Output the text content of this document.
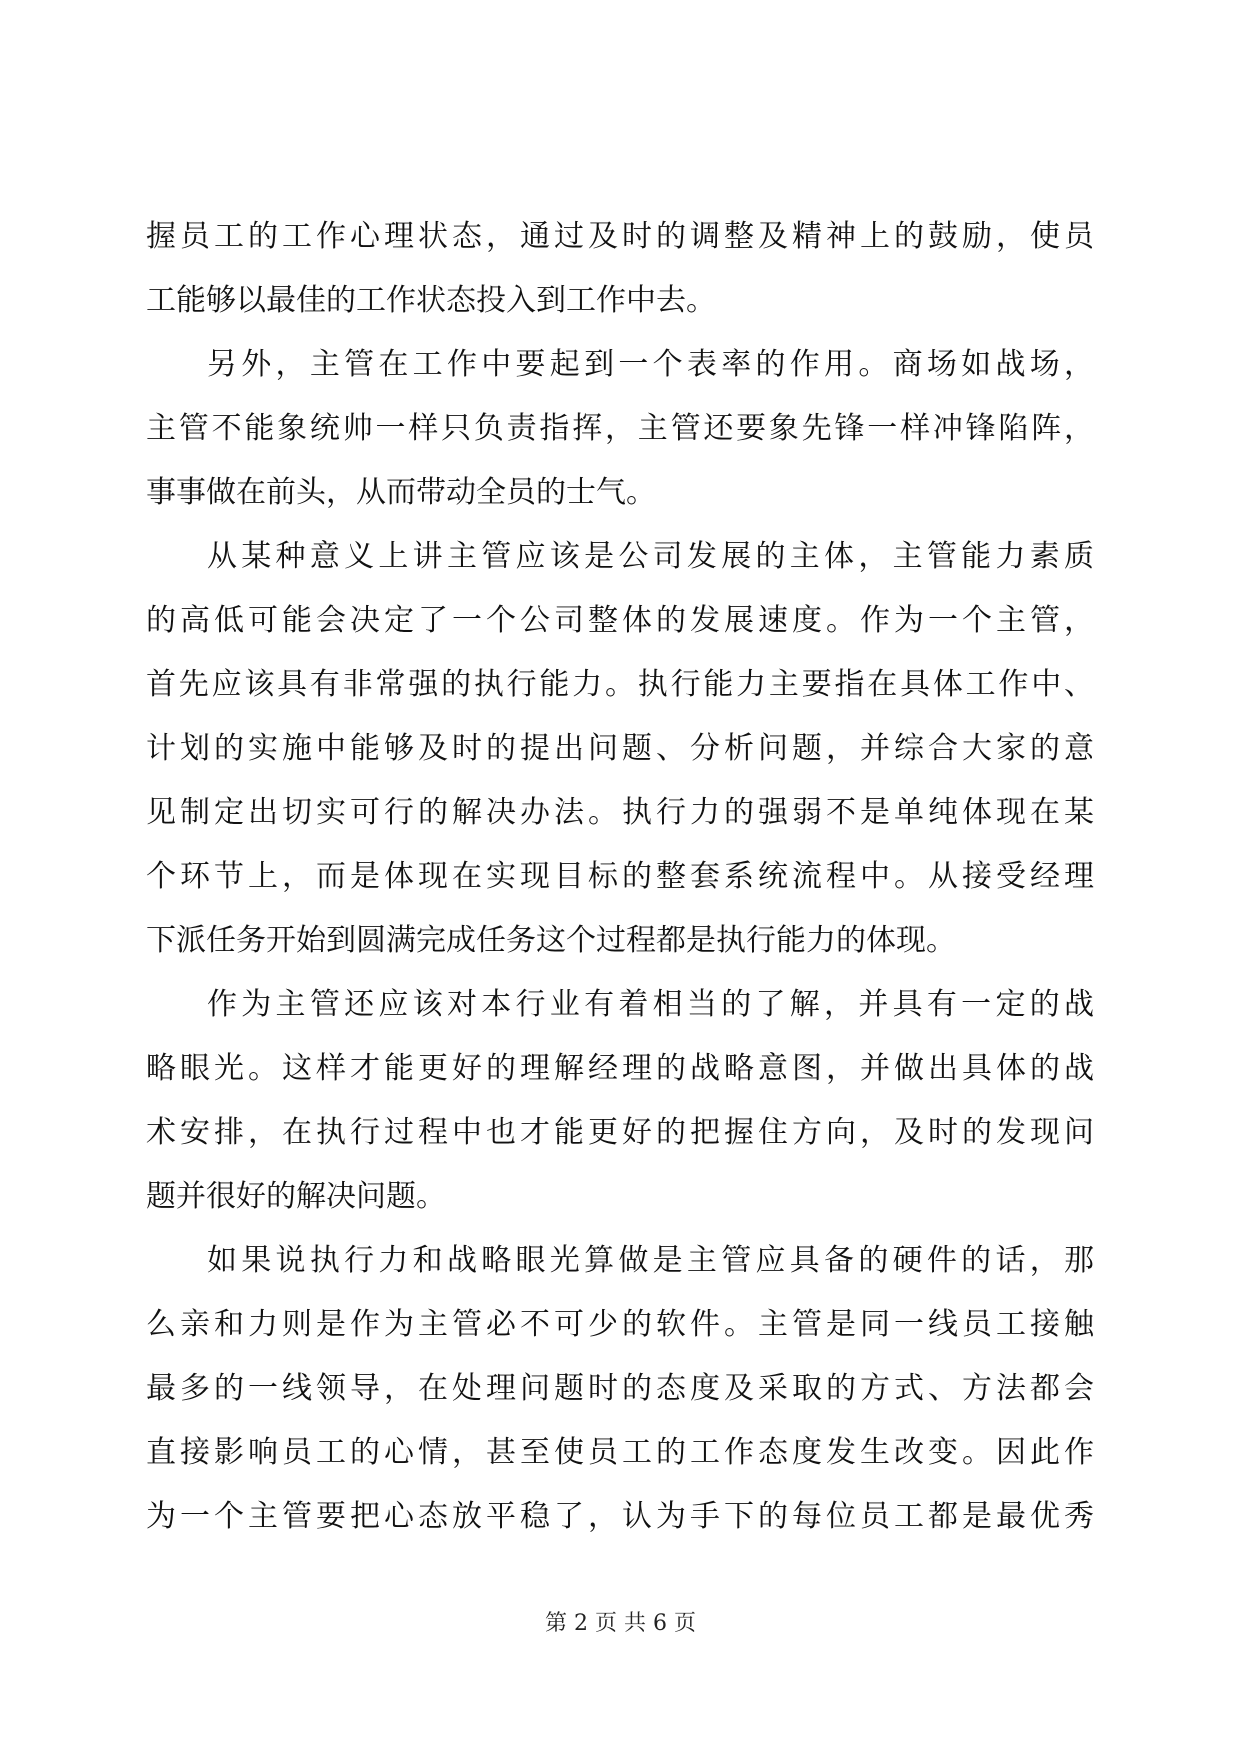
握员工的工作心理状态，通过及时的调整及精神上的鼓励，使员
工能够以最佳的工作状态投入到工作中去。
另外，主管在工作中要起到一个表率的作用。商场如战场，
主管不能象统帅一样只负责指挥，主管还要象先锋一样冲锋陷阵，
事事做在前头，从而带动全员的士气。
从某种意义上讲主管应该是公司发展的主体，主管能力素质
的高低可能会决定了一个公司整体的发展速度。作为一个主管，
首先应该具有非常强的执行能力。执行能力主要指在具体工作中、
计划的实施中能够及时的提出问题、分析问题，并综合大家的意
见制定出切实可行的解决办法。执行力的强弱不是单纯体现在某
个环节上，而是体现在实现目标的整套系统流程中。从接受经理
下派任务开始到圆满完成任务这个过程都是执行能力的体现。
作为主管还应该对本行业有着相当的了解，并具有一定的战
略眼光。这样才能更好的理解经理的战略意图，并做出具体的战
术安排，在执行过程中也才能更好的把握住方向，及时的发现问
题并很好的解决问题。
如果说执行力和战略眼光算做是主管应具备的硬件的话，那
么亲和力则是作为主管必不可少的软件。主管是同一线员工接触
最多的一线领导，在处理问题时的态度及采取的方式、方法都会
直接影响员工的心情，甚至使员工的工作态度发生改变。因此作
为一个主管要把心态放平稳了，认为手下的每位员工都是最优秀
第 2 页 共 6 页
